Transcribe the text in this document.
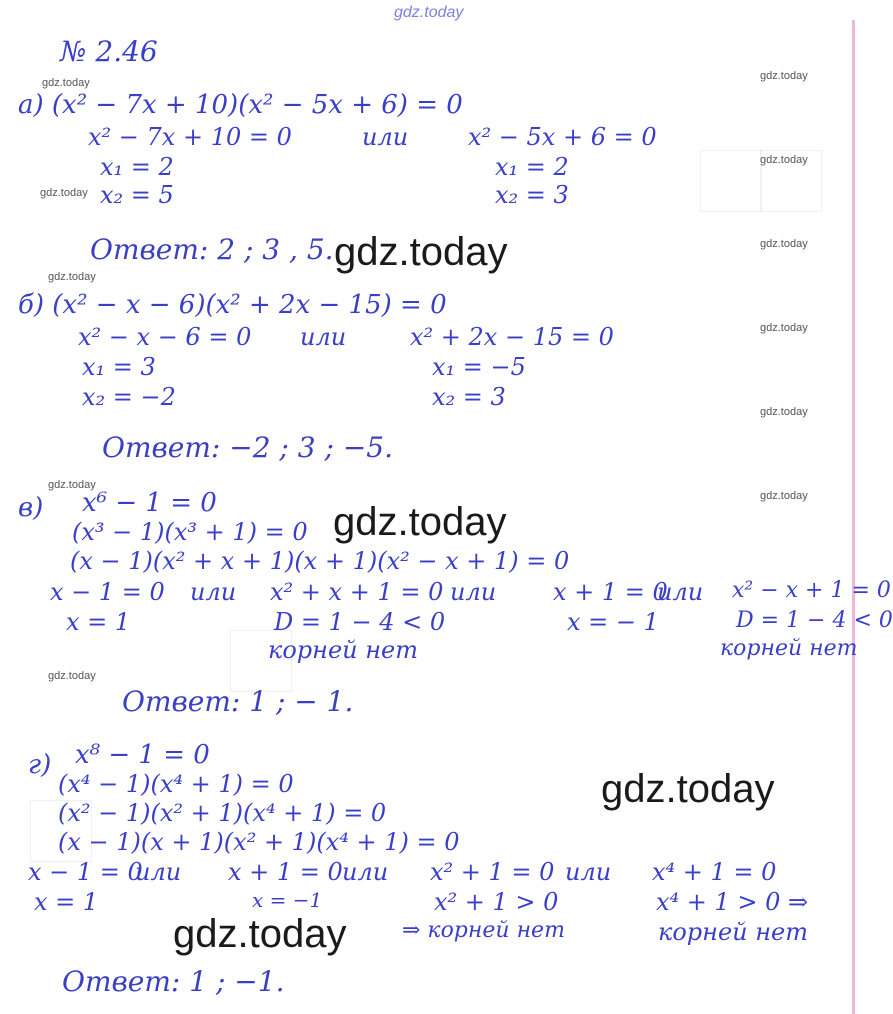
gdz.today
gdz.today
gdz.today
gdz.today
gdz.today
gdz.today
gdz.today
gdz.today
gdz.today
gdz.today
gdz.today
gdz.today
gdz.today
gdz.today
gdz.today
gdz.today
№ 2.46
а) (x² − 7x + 10)(x² − 5x + 6) = 0
x² − 7x + 10 = 0	или x² − 5x + 6 = 0
x₁ = 2
x₂ = 5
x₁ = 2
x₂ = 3
Ответ: 2 ; 3 , 5.
б) (x² − x − 6)(x² + 2x − 15) = 0
x² − x − 6 = 0 или	x² + 2x − 15 = 0
x₁ = 3
x₂ = −2
x₁ = −5
x₂ = 3
Ответ: −2 ; 3 ; −5.
в) x⁶ − 1 = 0
(x³ − 1)(x³ + 1) = 0
(x − 1)(x² + x + 1)(x + 1)(x² − x + 1) = 0
x − 1 = 0 или x² + x + 1 = 0 или x + 1 = 0
или x² − x + 1 = 0
x = 1	D = 1 − 4 < 0	x = − 1	D = 1 − 4 < 0
корней нет	корней нет
Ответ: 1 ; − 1.
г) x⁸ − 1 = 0
(x⁴ − 1)(x⁴ + 1) = 0
(x² − 1)(x² + 1)(x⁴ + 1) = 0
(x − 1)(x + 1)(x² + 1)(x⁴ + 1) = 0
x − 1 = 0
или x + 1 = 0 или x² + 1 = 0 или x⁴ + 1 = 0
x = 1	x = −1	x² + 1 > 0	x⁴ + 1 > 0 ⇒
⇒ корней нет	корней нет
Ответ: 1 ; −1.
